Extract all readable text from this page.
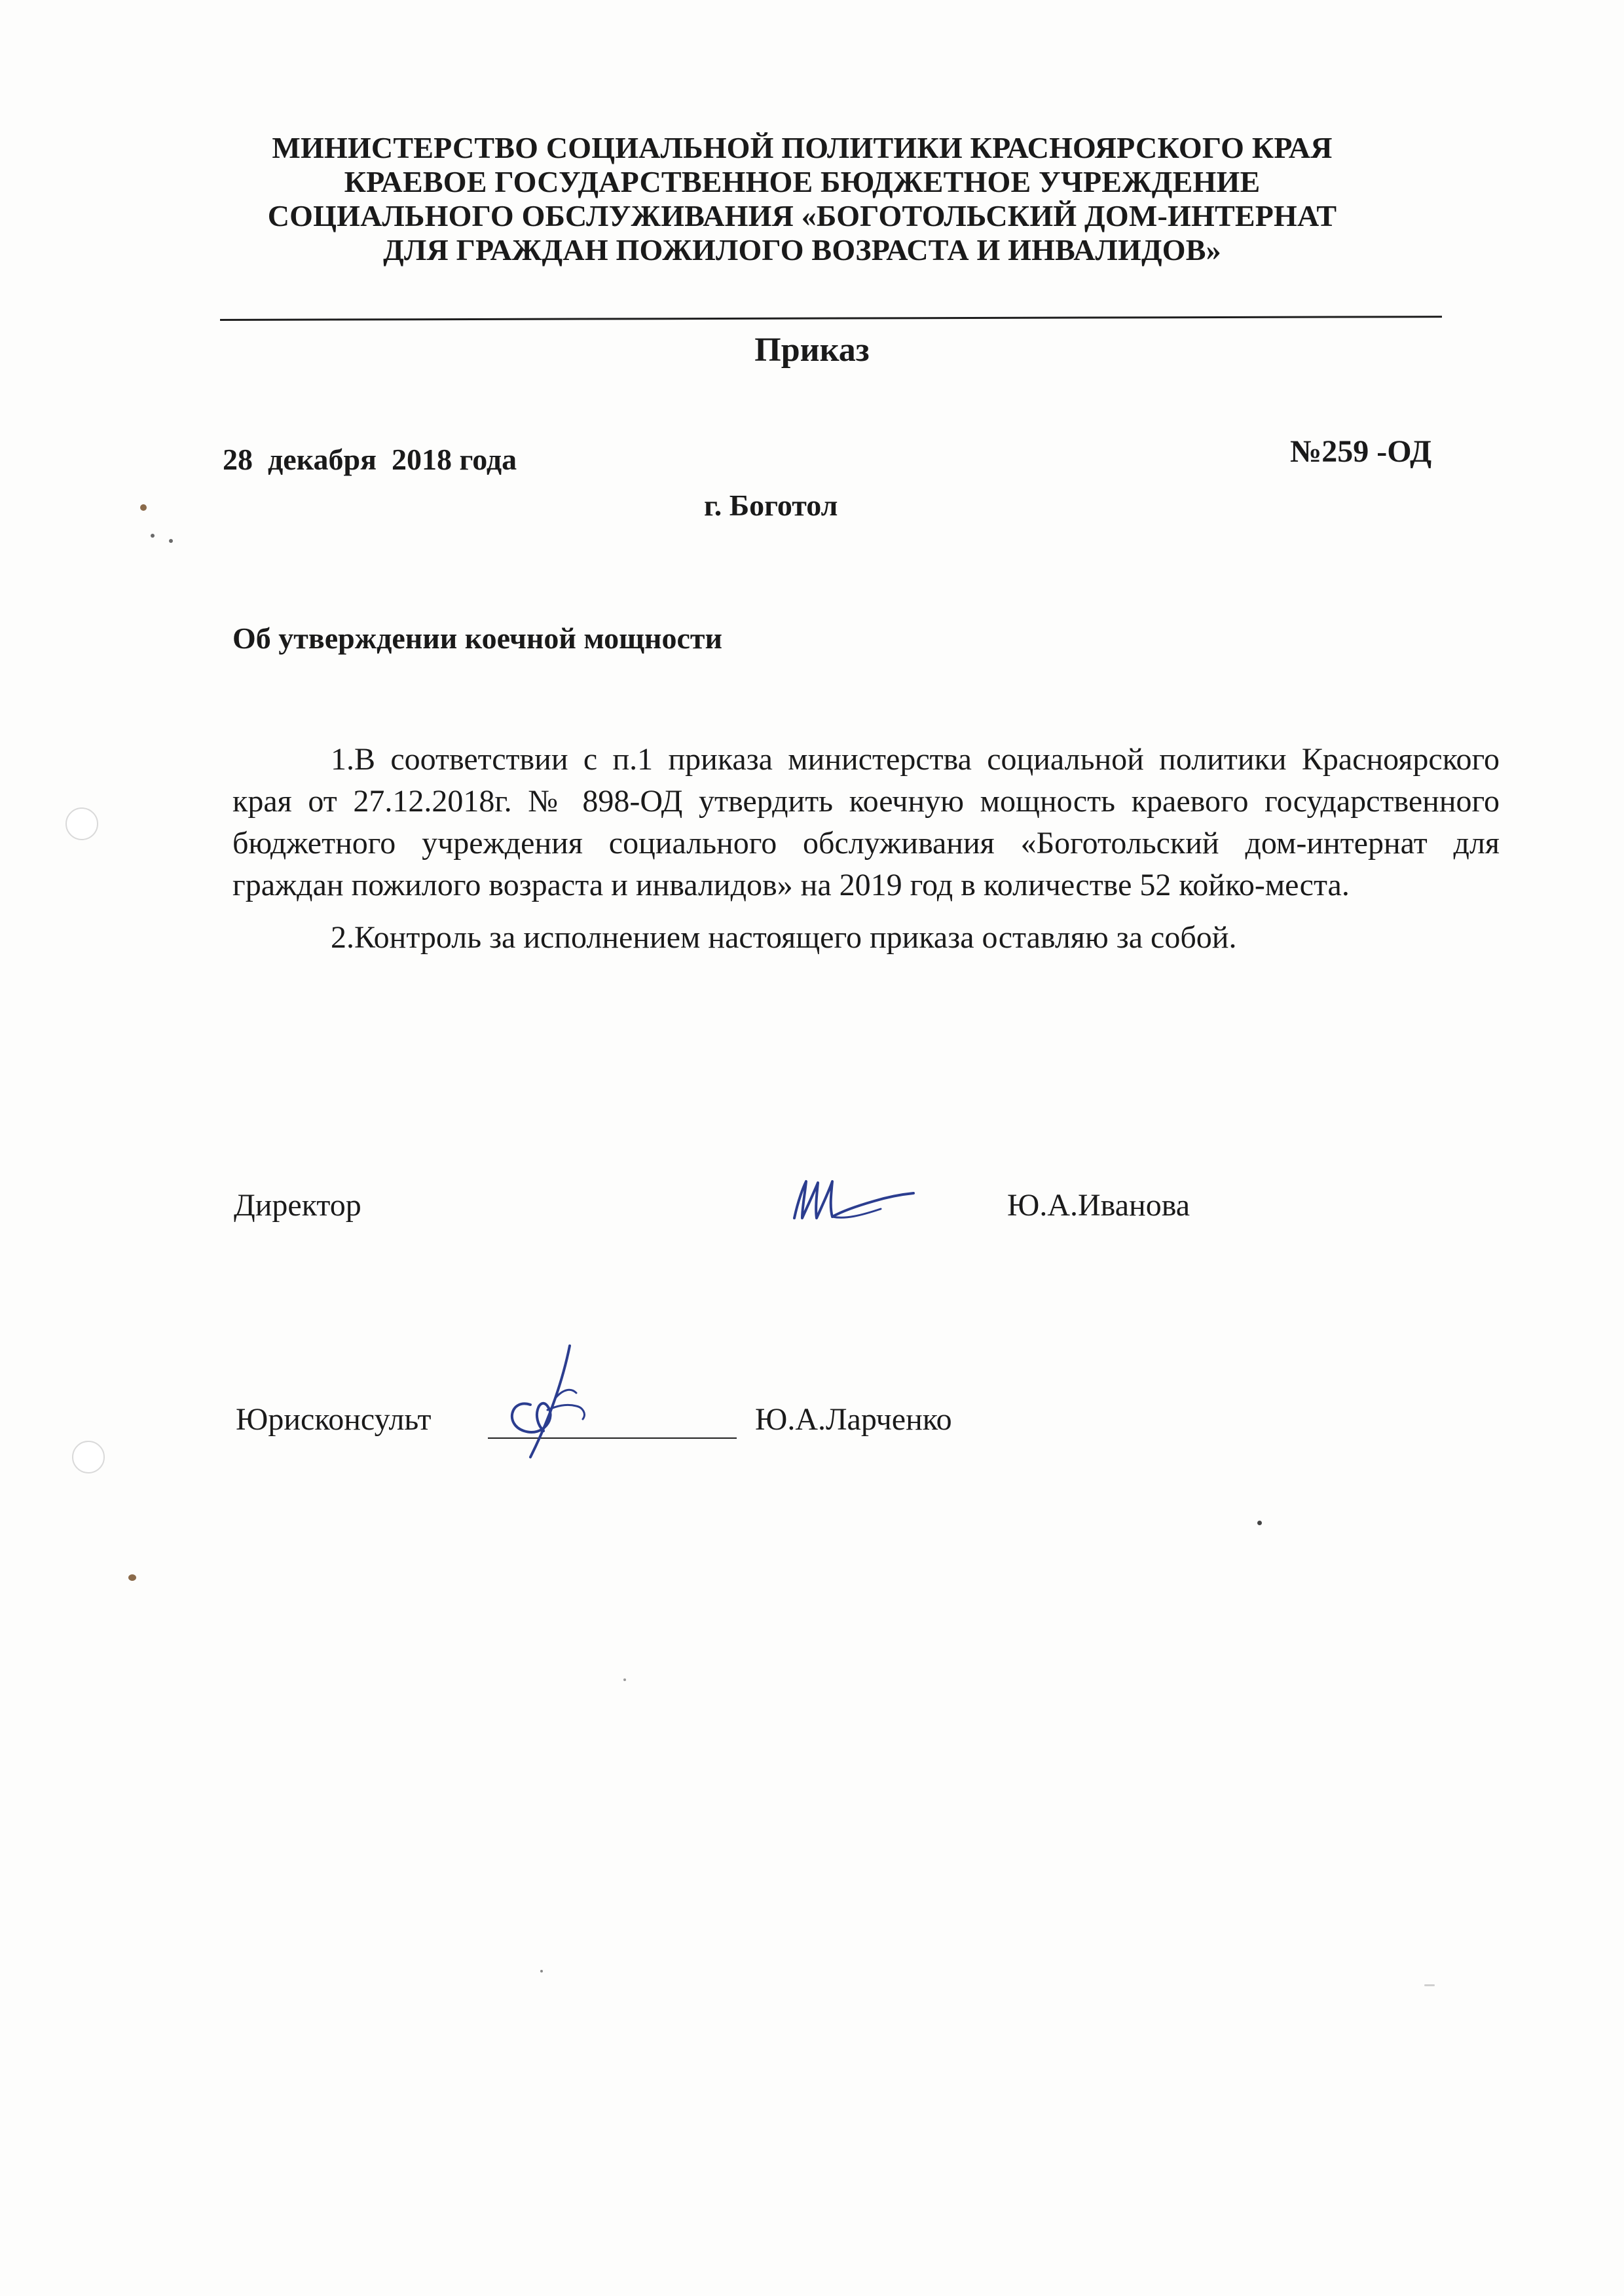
МИНИСТЕРСТВО СОЦИАЛЬНОЙ ПОЛИТИКИ КРАСНОЯРСКОГО КРАЯ
КРАЕВОЕ ГОСУДАРСТВЕННОЕ БЮДЖЕТНОЕ УЧРЕЖДЕНИЕ
СОЦИАЛЬНОГО ОБСЛУЖИВАНИЯ «БОГОТОЛЬСКИЙ ДОМ-ИНТЕРНАТ
ДЛЯ ГРАЖДАН ПОЖИЛОГО ВОЗРАСТА И ИНВАЛИДОВ»
Приказ
28  декабря  2018 года	№259 -ОД
г. Боготол
Об утверждении коечной мощности

1.В соответствии с п.1 приказа министерства социальной политики Красноярского края от 27.12.2018г. № 898-ОД утвердить коечную мощность краевого государственного бюджетного учреждения социального обслуживания «Боготольский дом-интернат для граждан пожилого возраста и инвалидов» на 2019 год в количестве 52 койко-места.

2.Контроль за исполнением настоящего приказа оставляю за собой.

Директор	Ю.А.Иванова
Юрисконсульт	Ю.А.Ларченко
